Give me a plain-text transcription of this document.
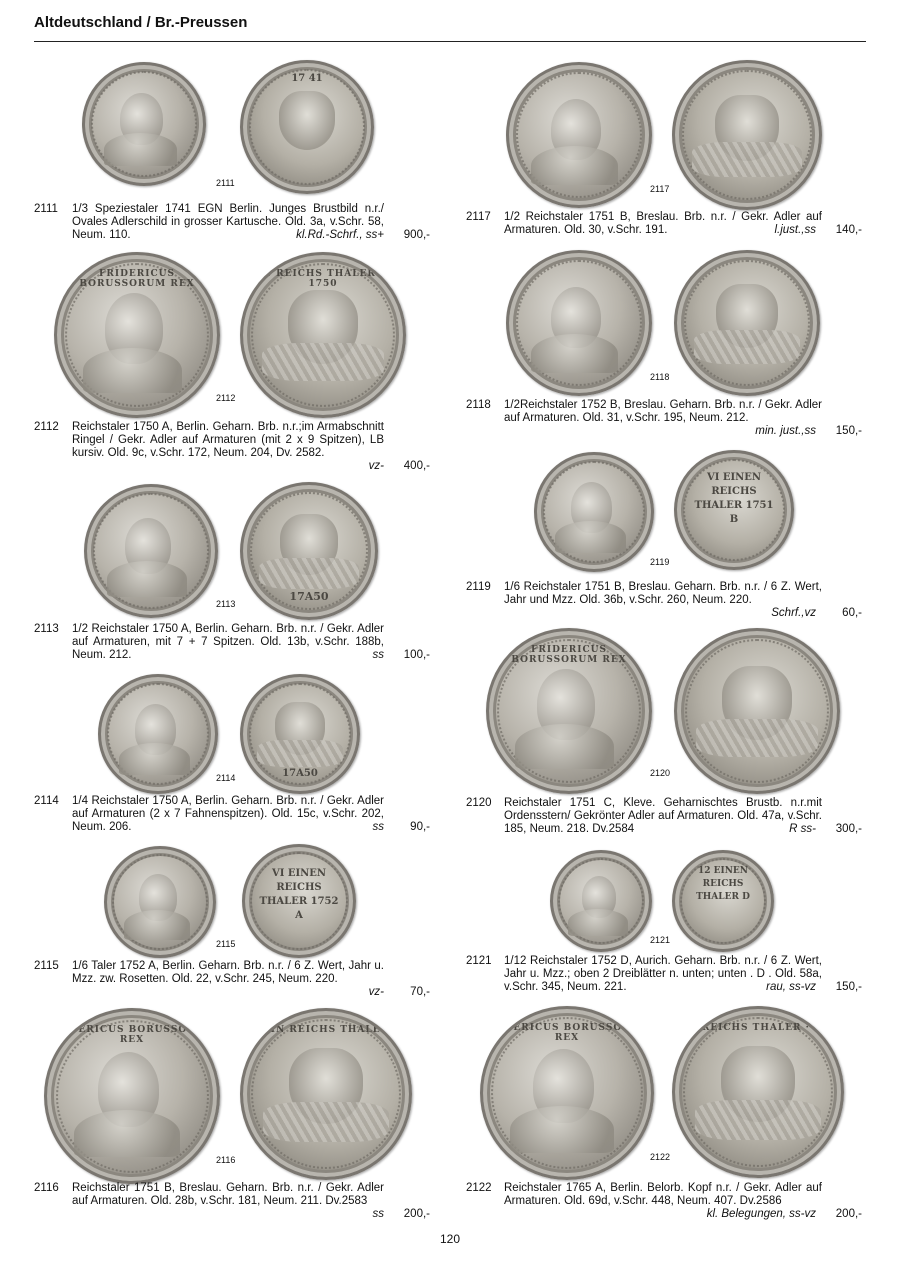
Altdeutschland / Br.-Preussen
17 41
2111
2111 1/3 Speziestaler 1741 EGN Berlin. Junges Brustbild n.r./ Ovales Adlerschild in grosser Kartusche. Old. 3a, v.Schr. 58, Neum. 110.	kl.Rd.-Schrf., ss+ 900,-
FRIDERICUS BORUSSORUM REX
EIN REICHS THALER · A 1750
2112
2112 Reichstaler 1750 A, Berlin. Geharn. Brb. n.r.;im Armabschnitt Ringel / Gekr. Adler auf Armaturen (mit 2 x 9 Spitzen), LB kursiv. Old. 9c, v.Schr. 172, Neum. 204, Dv. 2582.
vz- 400,-
17A50
2113
2113 1/2 Reichstaler 1750 A, Berlin. Geharn. Brb. n.r. / Gekr. Adler auf Armaturen, mit 7 + 7 Spitzen. Old. 13b, v.Schr. 188b, Neum. 212.	ss 100,-
17A50
2114
2114 1/4 Reichstaler 1750 A, Berlin. Geharn. Brb. n.r. / Gekr. Adler auf Armaturen (2 x 7 Fahnenspitzen). Old. 15c, v.Schr. 202, Neum. 206.	ss 90,-
VI EINEN REICHS THALER 1752 A
2115
2115 1/6 Taler 1752 A, Berlin. Geharn. Brb. n.r. / 6 Z. Wert, Jahr u. Mzz. zw. Rosetten. Old. 22, v.Schr. 245, Neum. 220.
vz- 70,-
FRIDERICUS BORUSSORUM REX
EIN REICHS THALER
2116
2116 Reichstaler 1751 B, Breslau. Geharn. Brb. n.r. / Gekr. Adler auf Armaturen. Old. 28b, v.Schr. 181, Neum. 211. Dv.2583
ss 200,-
2117
2117 1/2 Reichstaler 1751 B, Breslau. Brb. n.r. / Gekr. Adler auf Armaturen. Old. 30, v.Schr. 191.	l.just.,ss 140,-
2118
2118 1/2Reichstaler 1752 B, Breslau. Geharn. Brb. n.r. / Gekr. Adler auf Armaturen. Old. 31, v.Schr. 195, Neum. 212.
min. just.,ss 150,-
VI EINEN REICHS THALER 1751 B
2119
2119 1/6 Reichstaler 1751 B, Breslau. Geharn. Brb. n.r. / 6 Z. Wert, Jahr und Mzz. Old. 36b, v.Schr. 260, Neum. 220.
Schrf.,vz 60,-
FRIDERICUS BORUSSORUM REX
2120
2120 Reichstaler 1751 C, Kleve. Geharnischtes Brustb. n.r.mit Ordensstern/ Gekrönter Adler auf Armaturen. Old. 47a, v.Schr. 185, Neum. 218. Dv.2584	R ss- 300,-
12 EINEN REICHS THALER D
2121
2121 1/12 Reichstaler 1752 D, Aurich. Geharn. Brb. n.r. / 6 Z. Wert, Jahr u. Mzz.; oben 2 Dreiblätter n. unten; unten . D . Old. 58a, v.Schr. 345, Neum. 221.	rau, ss-vz 150,-
FRIDERICUS BORUSSORUM REX
EIN REICHS THALER · A 65
2122
2122 Reichstaler 1765 A, Berlin. Belorb. Kopf n.r. / Gekr. Adler auf Armaturen. Old. 69d, v.Schr. 448, Neum. 407. Dv.2586
kl. Belegungen, ss-vz 200,-
120
